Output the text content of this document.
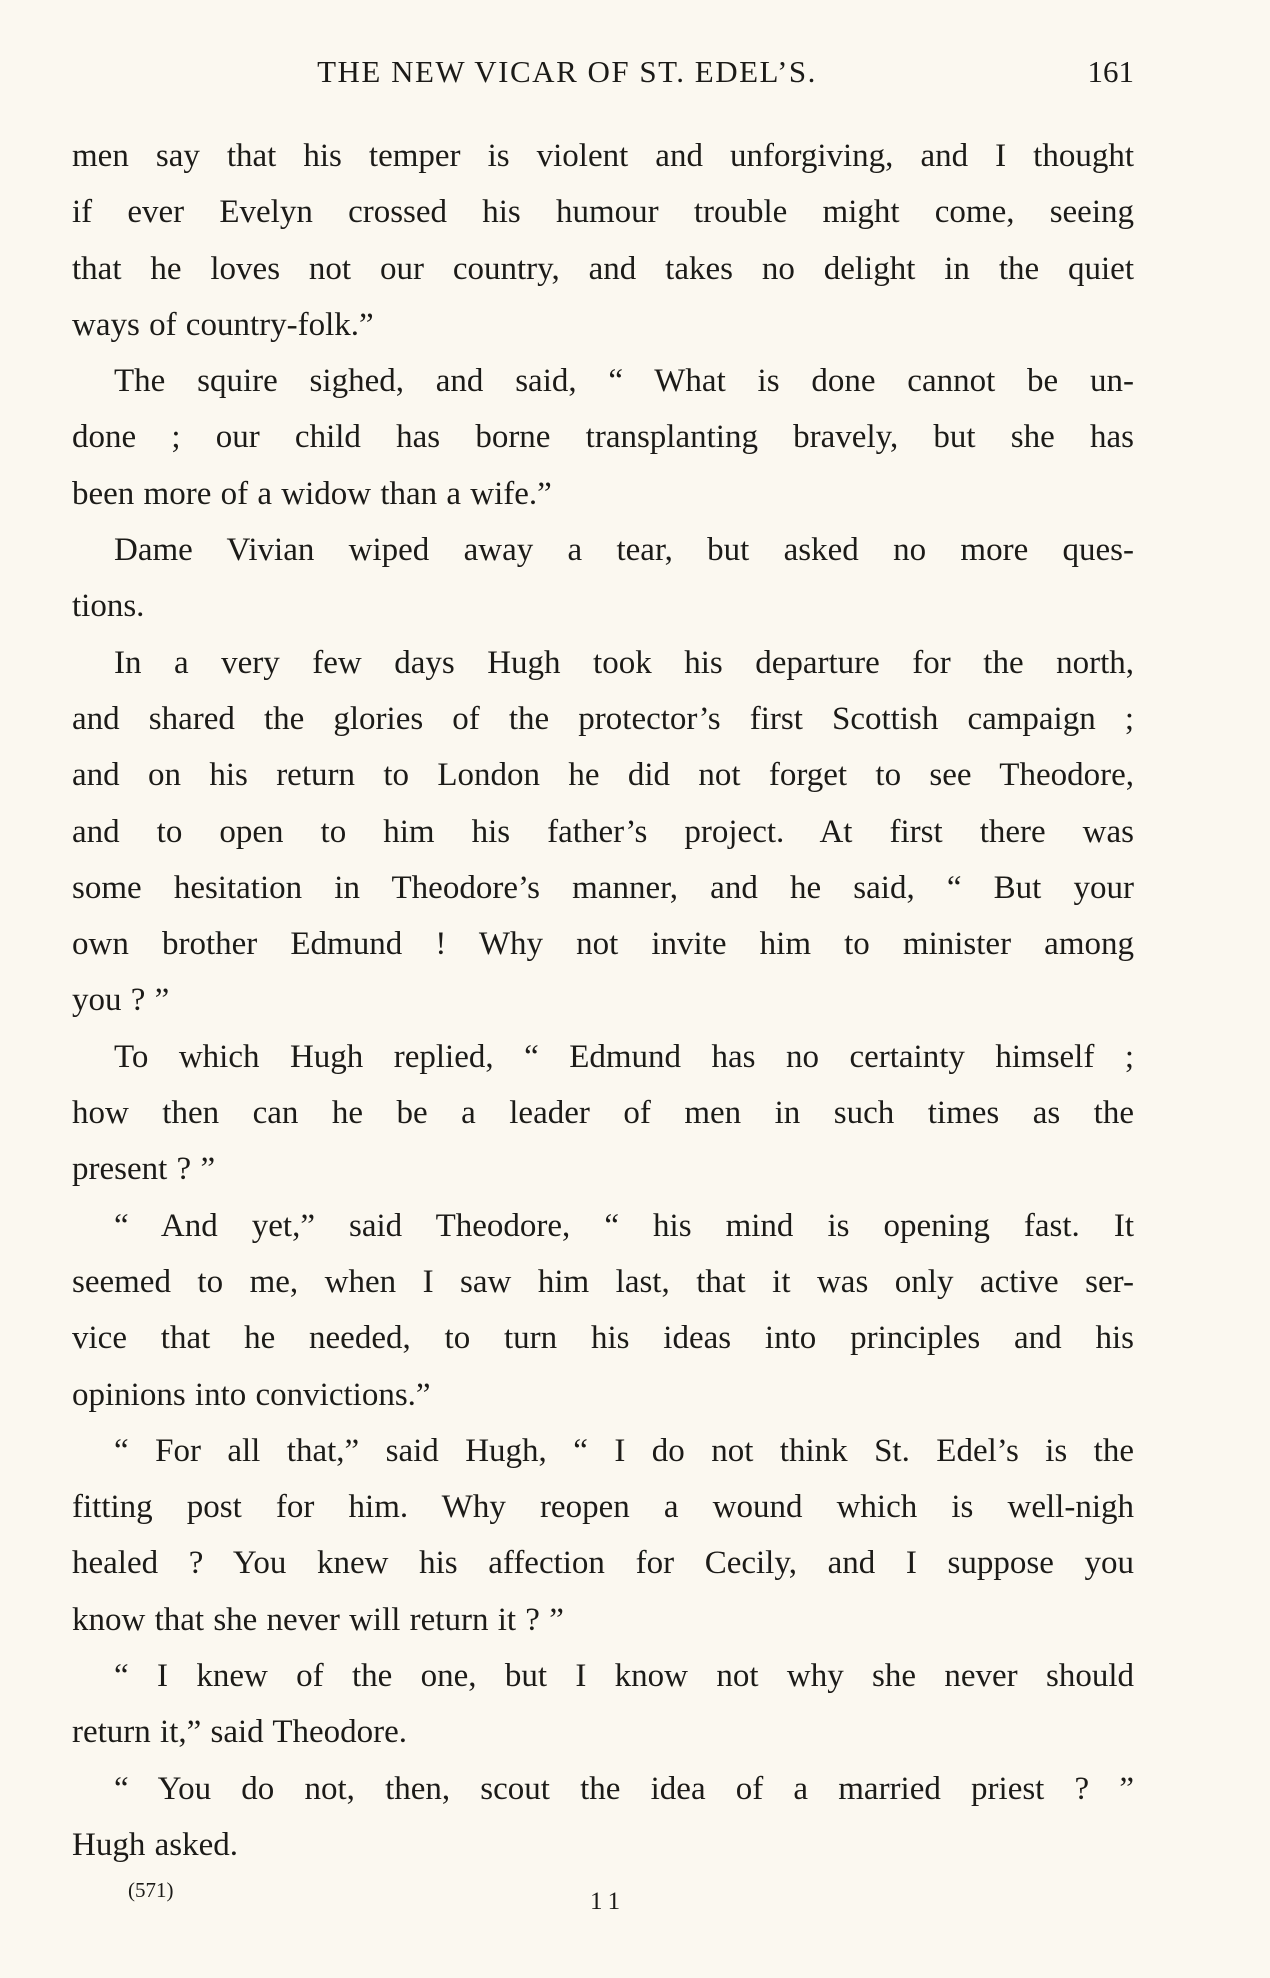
THE NEW VICAR OF ST. EDEL’S.	161
men say that his temper is violent and unforgiving, and I thought
if ever Evelyn crossed his humour trouble might come, seeing
that he loves not our country, and takes no delight in the quiet
ways of country-folk.”
The squire sighed, and said, “ What is done cannot be un-
done ; our child has borne transplanting bravely, but she has
been more of a widow than a wife.”
Dame Vivian wiped away a tear, but asked no more ques-
tions.
In a very few days Hugh took his departure for the north,
and shared the glories of the protector’s first Scottish campaign ;
and on his return to London he did not forget to see Theodore,
and to open to him his father’s project. At first there was
some hesitation in Theodore’s manner, and he said, “ But your
own brother Edmund ! Why not invite him to minister among
you ? ”
To which Hugh replied, “ Edmund has no certainty himself ;
how then can he be a leader of men in such times as the
present ? ”
“ And yet,” said Theodore, “ his mind is opening fast. It
seemed to me, when I saw him last, that it was only active ser-
vice that he needed, to turn his ideas into principles and his
opinions into convictions.”
“ For all that,” said Hugh, “ I do not think St. Edel’s is the
fitting post for him. Why reopen a wound which is well-nigh
healed ? You knew his affection for Cecily, and I suppose you
know that she never will return it ? ”
“ I knew of the one, but I know not why she never should
return it,” said Theodore.
“ You do not, then, scout the idea of a married priest ? ”
Hugh asked.
(571)	11
